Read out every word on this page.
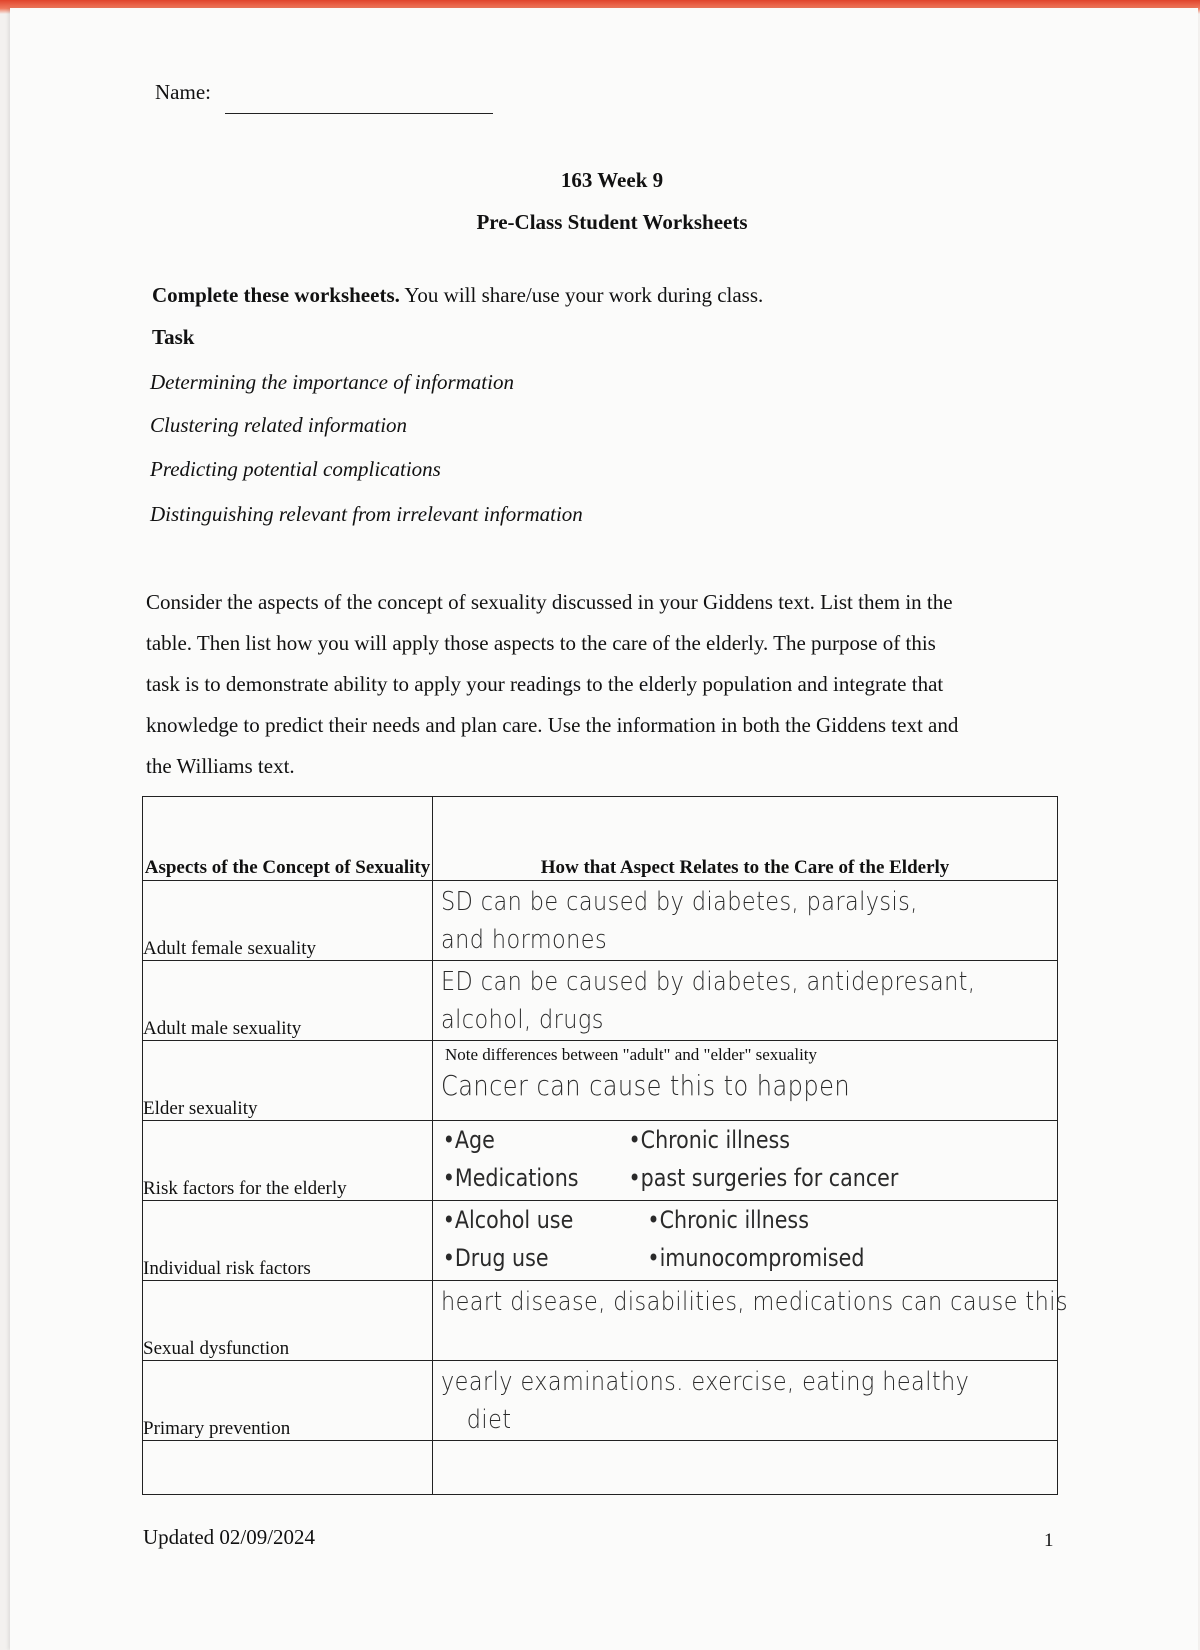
Name:
163 Week 9
Pre-Class Student Worksheets
Complete these worksheets. You will share/use your work during class.
Task
Determining the importance of information
Clustering related information
Predicting potential complications
Distinguishing relevant from irrelevant information
Consider the aspects of the concept of sexuality discussed in your Giddens text. List them in the
table. Then list how you will apply those aspects to the care of the elderly. The purpose of this
task is to demonstrate ability to apply your readings to the elderly population and integrate that
knowledge to predict their needs and plan care. Use the information in both the Giddens text and
the Williams text.
Aspects of the Concept of Sexuality	How that Aspect Relates to the Care of the Elderly
Adult female sexuality	SD can be caused by diabetes, paralysis,
and hormones

Adult male sexuality	ED can be caused by diabetes, antidepresant,
alcohol, drugs

Elder sexuality	Note differences between "adult" and "elder" sexuality
Cancer can cause this to happen

Risk factors for the elderly	•Age •Chronic illness
•Medications •past surgeries for cancer

Individual risk factors	•Alcohol use •Chronic illness
•Drug use •imunocompromised

Sexual dysfunction	heart disease, disabilities, medications can cause this

Primary prevention	yearly examinations. exercise, eating healthy
diet

Updated 02/09/2024	1
